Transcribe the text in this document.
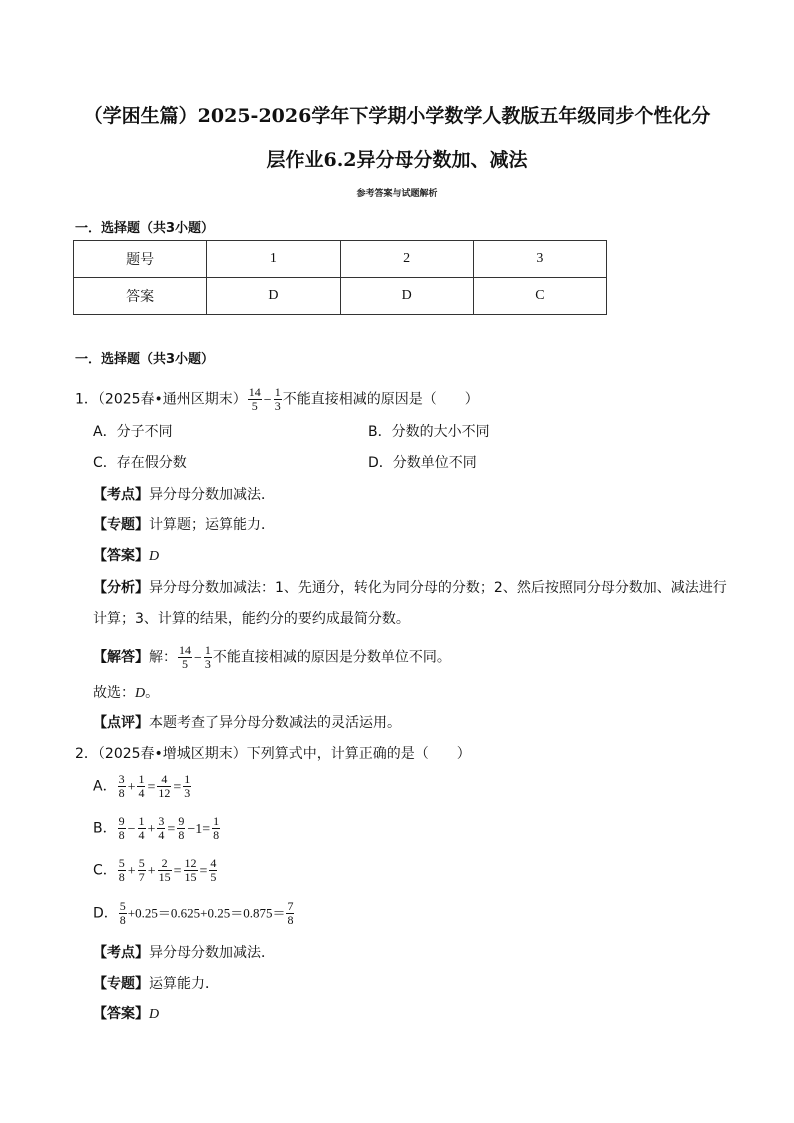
（学困生篇）2025-2026学年下学期小学数学人教版五年级同步个性化分
层作业6.2异分母分数加、减法
参考答案与试题解析
一．选择题（共3小题）
题号	1	2	3
答案	D	D	C
一．选择题（共3小题）
1．（2025春•通州区期末） $\frac{14}{5} - \frac{1}{3}$ 不能直接相减的原因是（　　）
A．分子不同	B．分数的大小不同
C．存在假分数	D．分数单位不同
【考点】异分母分数加减法．
【专题】计算题；运算能力．
【答案】D
【分析】异分母分数加减法：1、先通分，转化为同分母的分数；2、然后按照同分母分数加、减法进行
计算；3、计算的结果，能约分的要约成最简分数。
【解答】解： $\frac{14}{5} - \frac{1}{3}$ 不能直接相减的原因是分数单位不同。
故选：D。
【点评】本题考查了异分母分数减法的灵活运用。
2．（2025春•增城区期末）下列算式中，计算正确的是（　　）
A． $\frac{3}{8} + \frac{1}{4} = \frac{4}{12} = \frac{1}{3}$
B． $\frac{9}{8} - \frac{1}{4} + \frac{3}{4} = \frac{9}{8} -1= \frac{1}{8}$
C． $\frac{5}{8} + \frac{5}{7} + \frac{2}{15} = \frac{12}{15} = \frac{4}{5}$
D． $\frac{5}{8} +0.25=0.625+0.25=0.875= \frac{7}{8}$
【考点】异分母分数加减法．
【专题】运算能力．
【答案】D
